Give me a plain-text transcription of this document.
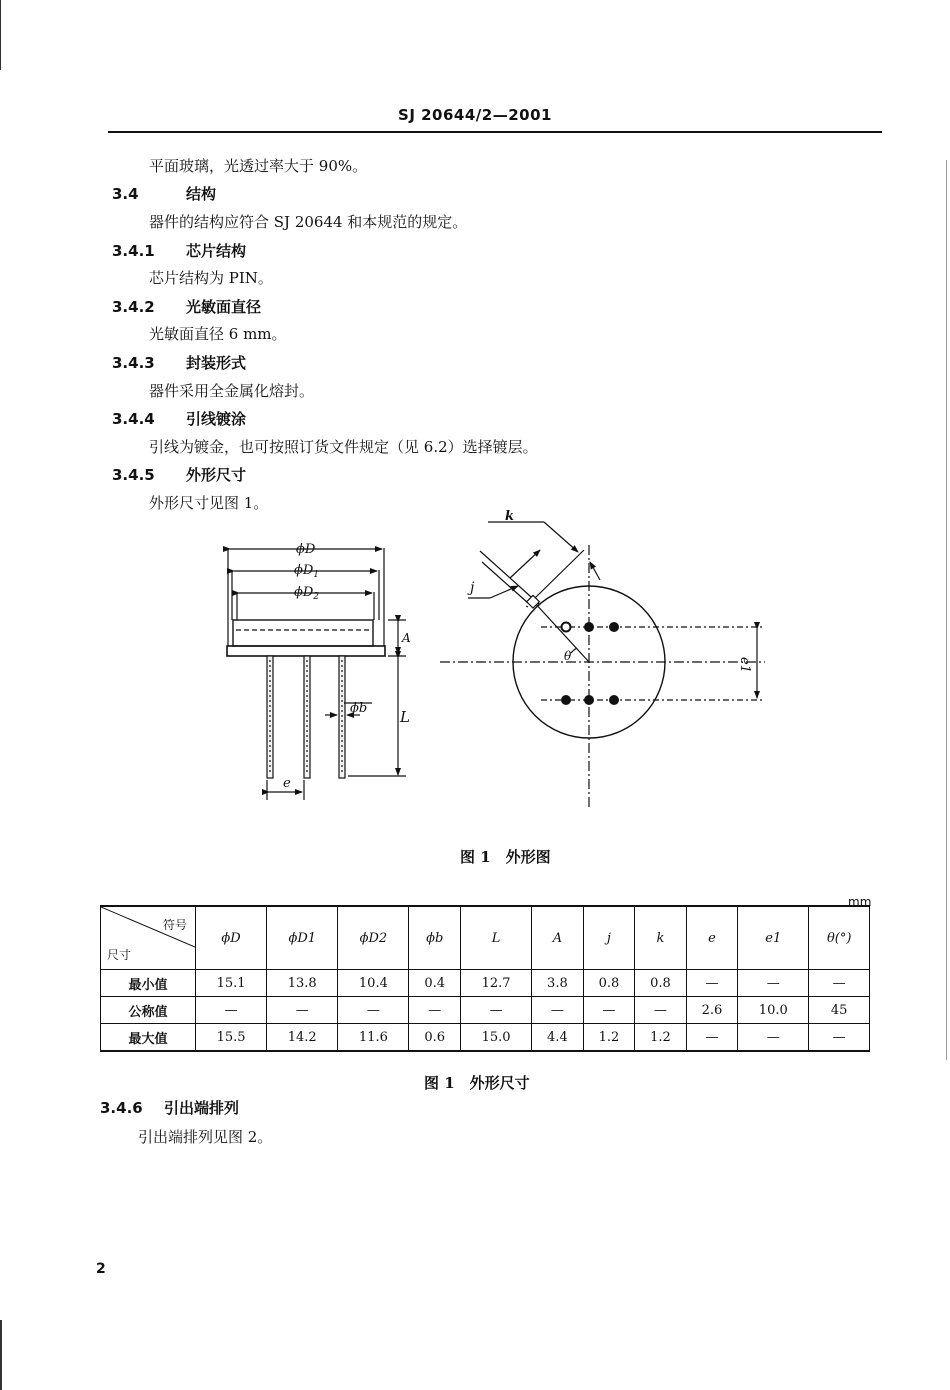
SJ 20644/2—2001
平面玻璃，光透过率大于 90%。
3.4	结构
器件的结构应符合 SJ 20644 和本规范的规定。
3.4.1 芯片结构
芯片结构为 PIN。
3.4.2 光敏面直径
光敏面直径 6 mm。
3.4.3 封装形式
器件采用全金属化熔封。
3.4.4 引线镀涂
引线为镀金，也可按照订货文件规定（见 6.2）选择镀层。
3.4.5 外形尺寸
外形尺寸见图 1。
ϕD
$\phi D_1$
$\phi D_2$
A
ϕb L
e
k
j
θ
e1
图 1　外形图
mm
符号
尺寸	ϕD	ϕD1	ϕD2	ϕb	L	A	j	k	e	e1	θ(°)
最小值	15.1	13.8	10.4	0.4	12.7	3.8	0.8	0.8	—	—	—
公称值	—	—	—	—	—	—	—	—	2.6	10.0	45
最大值	15.5	14.2	11.6	0.6	15.0	4.4	1.2	1.2	—	—	—
图 1　外形尺寸
3.4.6 引出端排列
引出端排列见图 2。
2
